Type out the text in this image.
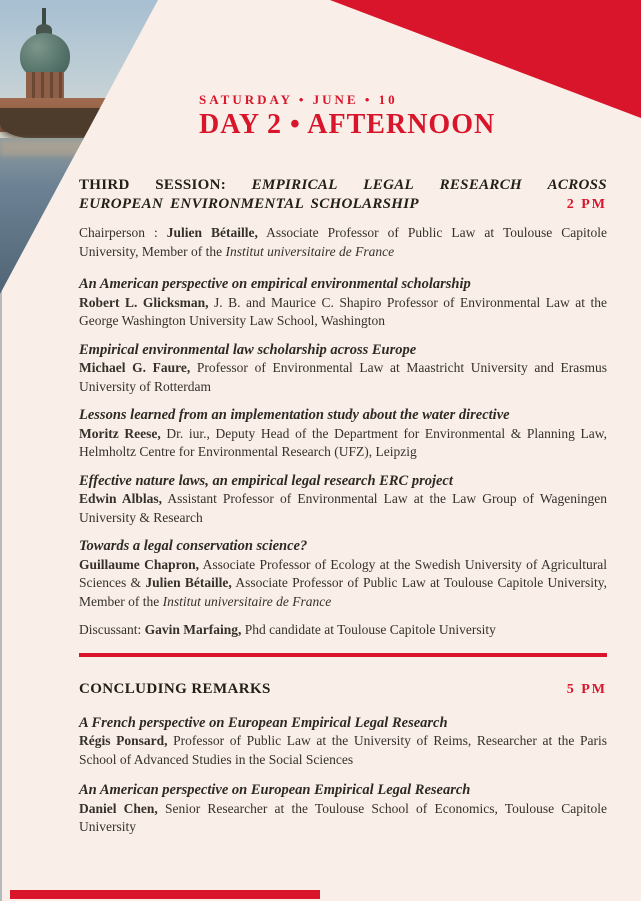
SATURDAY • JUNE • 10
DAY 2 • AFTERNOON
THIRD SESSION: EMPIRICAL LEGAL RESEARCH ACROSS
EUROPEAN ENVIRONMENTAL SCHOLARSHIP	2 PM

Chairperson : Julien Bétaille, Associate Professor of Public Law at Toulouse Capitole University, Member of the Institut universitaire de France

An American perspective on empirical environmental scholarship

Robert L. Glicksman, J. B. and Maurice C. Shapiro Professor of Environmental Law at the George Washington University Law School, Washington

Empirical environmental law scholarship across Europe

Michael G. Faure, Professor of Environmental Law at Maastricht University and Erasmus University of Rotterdam

Lessons learned from an implementation study about the water directive

Moritz Reese, Dr. iur., Deputy Head of the Department for Environmental & Planning Law, Helmholtz Centre for Environmental Research (UFZ), Leipzig

Effective nature laws, an empirical legal research ERC project

Edwin Alblas, Assistant Professor of Environmental Law at the Law Group of Wageningen University & Research

Towards a legal conservation science?

Guillaume Chapron, Associate Professor of Ecology at the Swedish University of Agricultural Sciences & Julien Bétaille, Associate Professor of Public Law at Toulouse Capitole University, Member of the Institut universitaire de France

Discussant: Gavin Marfaing, Phd candidate at Toulouse Capitole University

CONCLUDING REMARKS	5 PM
A French perspective on European Empirical Legal Research

Régis Ponsard, Professor of Public Law at the University of Reims, Researcher at the Paris School of Advanced Studies in the Social Sciences

An American perspective on European Empirical Legal Research

Daniel Chen, Senior Researcher at the Toulouse School of Economics, Toulouse Capitole University
